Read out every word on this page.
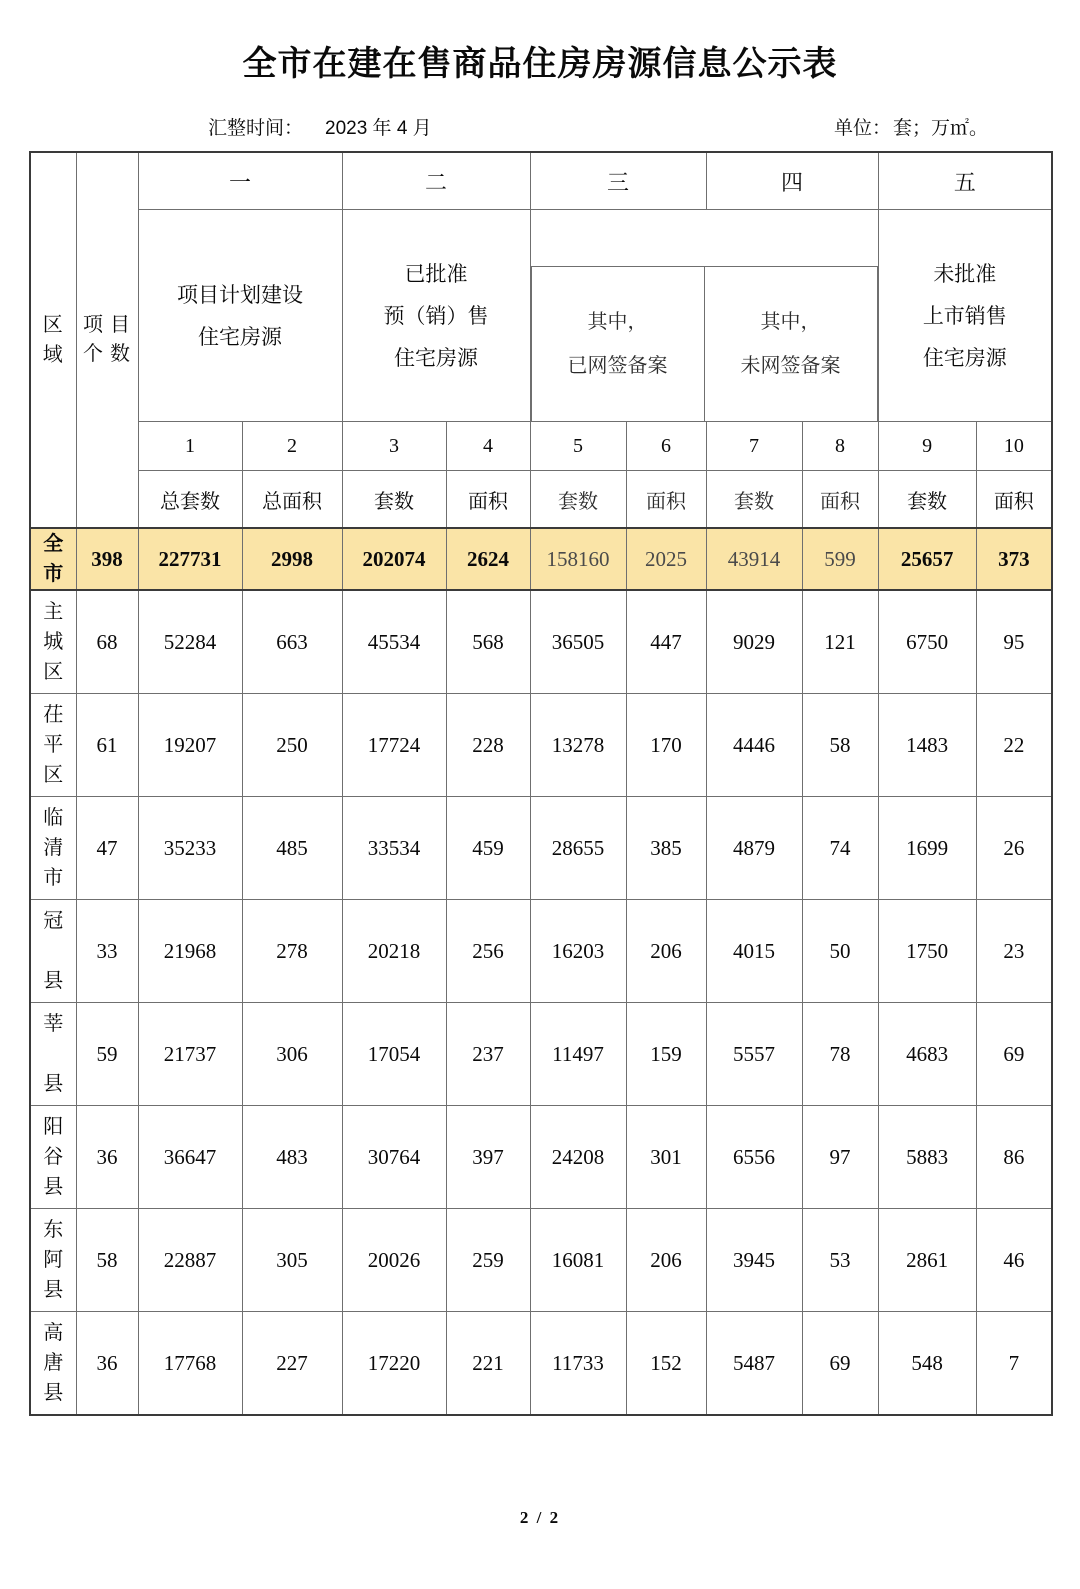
全市在建在售商品住房房源信息公示表
汇整时间： 2023 年 4 月	单位： 套；万㎡。
区
域
	项 目 个 数	一	二	三	四	五

项目计划建设
住宅房源

已批准
预（销）售
住宅房源

其中，
已网签备案

其中，
未网签备案

未批准
上市销售
住宅房源

1	2	3	4	5	6	7	8	9	10
总套数	总面积	套数	面积	套数	面积	套数	面积	套数	面积

全
市
	398	227731	2998	202074	2624	158160	2025	43914	599	25657	373

主
城
区
	68	52284	663	45534	568	36505	447	9029	121	6750	95

茌
平
区
	61	19207	250	17724	228	13278	170	4446	58	1483	22

临
清
市
	47	35233	485	33534	459	28655	385	4879	74	1699	26

冠

县
	33	21968	278	20218	256	16203	206	4015	50	1750	23

莘

县
	59	21737	306	17054	237	11497	159	5557	78	4683	69

阳
谷
县
	36	36647	483	30764	397	24208	301	6556	97	5883	86

东
阿
县
	58	22887	305	20026	259	16081	206	3945	53	2861	46

高
唐
县
	36	17768	227	17220	221	11733	152	5487	69	548	7
2 / 2
